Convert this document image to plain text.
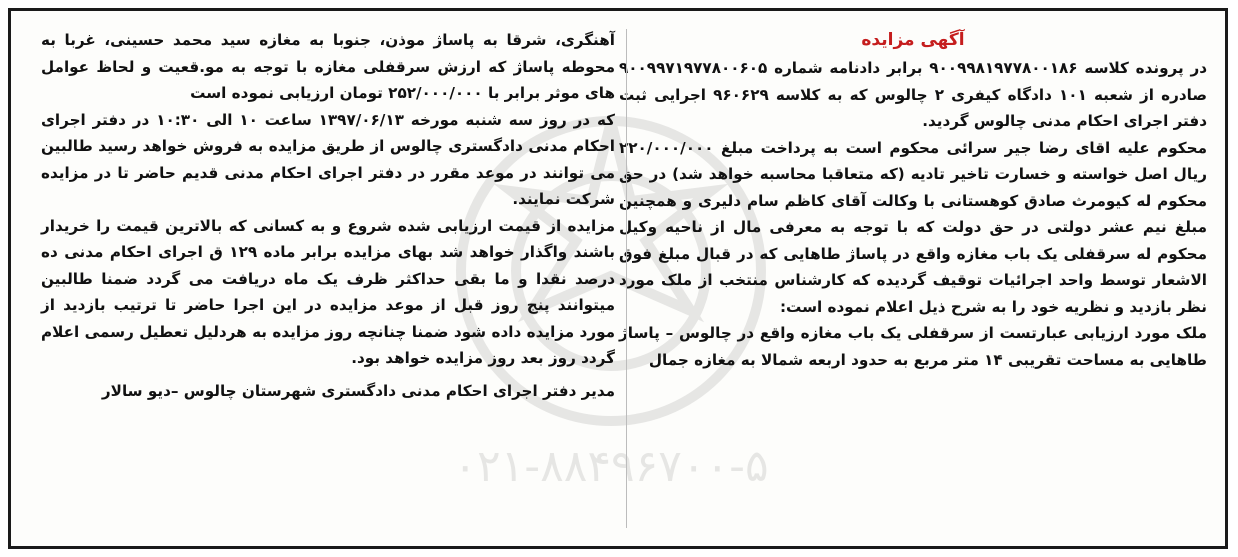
۰۲۱-۸۸۴۹۶۷۰۰-۵
آگهی مزایده

در پرونده کلاسه ۹۰۰۹۹۸۱۹۷۷۸۰۰۱۸۶ برابر دادنامه شماره ۹۰۰۹۹۷۱۹۷۷۸۰۰۶۰۵ صادره از شعبه ۱۰۱ دادگاه کیفری ۲ چالوس که به کلاسه ۹۶۰۶۲۹ اجرایی ثبت دفتر اجرای احکام مدنی چالوس گردید.

محکوم علیه اقای رضا جیر سرائی محکوم است به پرداخت مبلغ ۲۲۰/۰۰۰/۰۰۰ ریال اصل خواسته و خسارت تاخیر تادیه (که متعاقبا محاسبه خواهد شد) در حق محکوم له کیومرث صادق کوهستانی با وکالت آقای کاظم سام دلیری و همچنین مبلغ نیم عشر دولتی در حق دولت که با توجه به معرفی مال از ناحیه وکیل محکوم له سرقفلی یک باب مغازه واقع در پاساژ طاهایی که در قبال مبلغ فوق الاشعار توسط واحد اجرائیات توقیف گردیده که کارشناس منتخب از ملک مورد نظر بازدید و نظریه خود را به شرح ذیل اعلام نموده است:

ملک مورد ارزیابی عبارتست از سرقفلی یک باب مغازه واقع در چالوس – پاساژ طاهایی به مساحت تقریبی ۱۴ متر مربع به حدود اربعه شمالا به مغازه جمال

آهنگری، شرقا به پاساژ موذن، جنوبا به مغازه سید محمد حسینی، غربا به محوطه پاساژ که ارزش سرقفلی مغازه با توجه به مو.قعیت و لحاظ عوامل های موثر برابر با ۲۵۲/۰۰۰/۰۰۰ تومان ارزیابی نموده است

که در روز سه شنبه مورخه ۱۳۹۷/۰۶/۱۳ ساعت ۱۰ الی ۱۰:۳۰ در دفتر اجرای احکام مدنی دادگستری چالوس از طریق مزایده به فروش خواهد رسید طالبین می توانند در موعد مقرر در دفتر اجرای احکام مدنی قدیم حاضر تا در مزایده شرکت نمایند.

مزایده از قیمت ارزیابی شده شروع و به کسانی که بالاترین قیمت را خریدار باشند واگذار خواهد شد بهای مزایده برابر ماده ۱۲۹ ق اجرای احکام مدنی ده درصد نقدا و ما بقی حداکثر ظرف یک ماه دریافت می گردد ضمنا طالبین میتوانند پنج روز قبل از موعد مزایده در این اجرا حاضر تا ترتیب بازدید از مورد مزایده داده شود ضمنا چنانچه روز مزایده به هردلیل تعطیل رسمی اعلام گردد روز بعد روز مزایده خواهد بود.

مدیر دفتر اجرای احکام مدنی دادگستری شهرستان چالوس –دیو سالار
